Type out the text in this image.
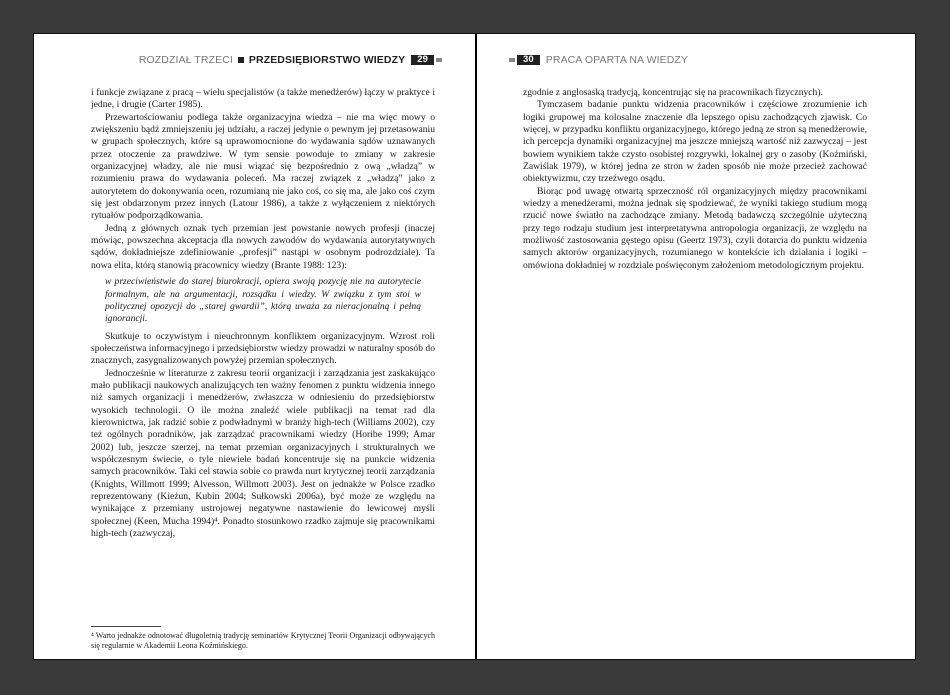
ROZDZIAŁ TRZECI PRZEDSIĘBIORSTWO WIEDZY	29

i funkcje związane z pracą – wielu specjalistów (a także menedżerów) łączy w praktyce i jedne, i drugie (Carter 1985).

Przewartościowaniu podlega także organizacyjna wiedza – nie ma więc mowy o zwiększeniu bądź zmniejszeniu jej udziału, a raczej jedynie o pewnym jej przetasowaniu w grupach społecznych, które są uprawomocnione do wydawania sądów uznawanych przez otoczenie za prawdziwe. W tym sensie powoduje to zmiany w zakresie organizacyjnej władzy, ale nie musi wiązać się bezpośrednio z ową „władzą” w rozumieniu prawa do wydawania poleceń. Ma raczej związek z „władzą” jako z autorytetem do dokonywania ocen, rozumianą nie jako coś, co się ma, ale jako coś czym się jest obdarzonym przez innych (Latour 1986), a także z wyłączeniem z niektórych rytuałów podporządkowania.

Jedną z głównych oznak tych przemian jest powstanie nowych profesji (inaczej mówiąc, powszechna akceptacja dla nowych zawodów do wydawania autorytatywnych sądów, dokładniejsze zdefiniowanie „profesji” nastąpi w osobnym podrozdziale). Ta nowa elita, którą stanowią pracownicy wiedzy (Brante 1988: 123):

w przeciwieństwie do starej biurokracji, opiera swoją pozycję nie na autorytecie formalnym, ale na argumentacji, rozsądku i wiedzy. W związku z tym stoi w politycznej opozycji do „starej gwardii”, którą uważa za nieracjonalną i pełną ignorancji.

Skutkuje to oczywistym i nieuchronnym konfliktem organizacyjnym. Wzrost roli społeczeństwa informacyjnego i przedsiębiorstw wiedzy prowadzi w naturalny sposób do znacznych, zasygnalizowanych powyżej przemian społecznych.

Jednocześnie w literaturze z zakresu teorii organizacji i zarządzania jest zaskakująco mało publikacji naukowych analizujących ten ważny fenomen z punktu widzenia innego niż samych organizacji i menedżerów, zwłaszcza w odniesieniu do przedsiębiorstw wysokich technologii. O ile można znaleźć wiele publikacji na temat rad dla kierownictwa, jak radzić sobie z podwładnymi w branży high-tech (Williams 2002), czy też ogólnych poradników, jak zarządzać pracownikami wiedzy (Horibe 1999; Amar 2002) lub, jeszcze szerzej, na temat przemian organizacyjnych i strukturalnych we współczesnym świecie, o tyle niewiele badań koncentruje się na punkcie widzenia samych pracowników. Taki cel stawia sobie co prawda nurt krytycznej teorii zarządzania (Knights, Willmott 1999; Alvesson, Willmott 2003). Jest on jednakże w Polsce rzadko reprezentowany (Kieżun, Kubin 2004; Sułkowski 2006a), być może ze względu na wynikające z przemiany ustrojowej negatywne nastawienie do lewicowej myśli społecznej (Keen, Mucha 1994)⁴. Ponadto stosunkowo rzadko zajmuje się pracownikami high-tech (zazwyczaj,

⁴ Warto jednakże odnotować długoletnią tradycję seminariów Krytycznej Teorii Organizacji odbywających się regularnie w Akademii Leona Koźmińskiego.
30	PRACA OPARTA NA WIEDZY

zgodnie z anglosaską tradycją, koncentrując się na pracownikach fizycznych).

Tymczasem badanie punktu widzenia pracowników i częściowe zrozumienie ich logiki grupowej ma kolosalne znaczenie dla lepszego opisu zachodzących zjawisk. Co więcej, w przypadku konfliktu organizacyjnego, którego jedną ze stron są menedżerowie, ich percepcja dynamiki organizacyjnej ma jeszcze mniejszą wartość niż zazwyczaj – jest bowiem wynikiem także czysto osobistej rozgrywki, lokalnej gry o zasoby (Koźmiński, Zawiślak 1979), w której jedna ze stron w żaden sposób nie może przecież zachować obiektywizmu, czy trzeźwego osądu.

Biorąc pod uwagę otwartą sprzeczność ról organizacyjnych między pracownikami wiedzy a menedżerami, można jednak się spodziewać, że wyniki takiego studium mogą rzucić nowe światło na zachodzące zmiany. Metodą badawczą szczególnie użyteczną przy tego rodzaju studium jest interpretatywna antropologia organizacji, ze względu na możliwość zastosowania gęstego opisu (Geertz 1973), czyli dotarcia do punktu widzenia samych aktorów organizacyjnych, rozumianego w kontekście ich działania i logiki – omówiona dokładniej w rozdziale poświęconym założeniom metodologicznym projektu.
